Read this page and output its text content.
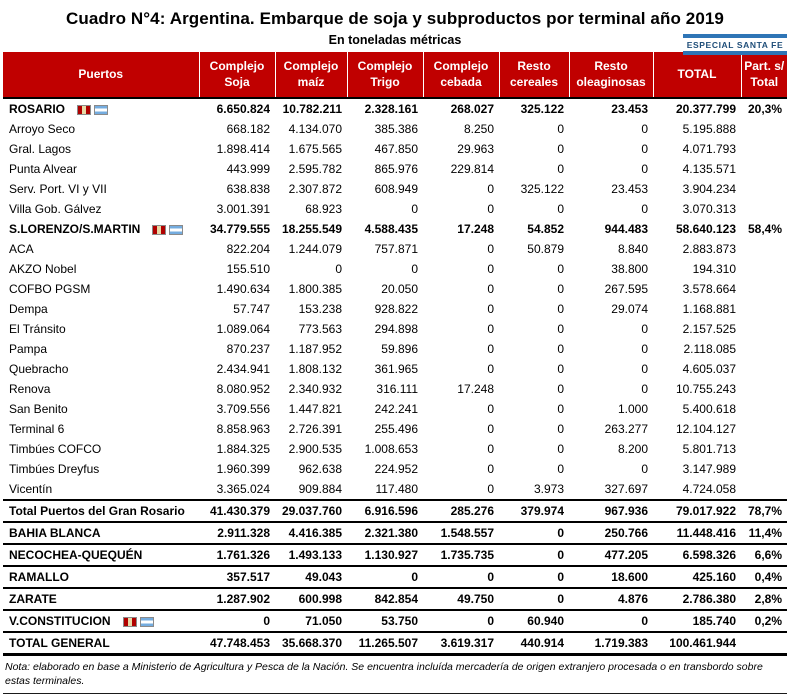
Cuadro N°4: Argentina. Embarque de soja y subproductos por terminal año 2019
ESPECIAL SANTA FE
En toneladas métricas
Puertos	Complejo Soja	Complejo maíz	Complejo Trigo	Complejo cebada	Resto cereales	Resto oleaginosas	TOTAL	Part. s/ Total
ROSARIO	6.650.824	10.782.211	2.328.161	268.027	325.122	23.453	20.377.799	20,3%
Arroyo Seco	668.182	4.134.070	385.386	8.250	0	0	5.195.888	
Gral. Lagos	1.898.414	1.675.565	467.850	29.963	0	0	4.071.793	
Punta Alvear	443.999	2.595.782	865.976	229.814	0	0	4.135.571	
Serv. Port. VI y VII	638.838	2.307.872	608.949	0	325.122	23.453	3.904.234	
Villa Gob. Gálvez	3.001.391	68.923	0	0	0	0	3.070.313	
S.LORENZO/S.MARTIN	34.779.555	18.255.549	4.588.435	17.248	54.852	944.483	58.640.123	58,4%
ACA	822.204	1.244.079	757.871	0	50.879	8.840	2.883.873	
AKZO Nobel	155.510	0	0	0	0	38.800	194.310	
COFBO PGSM	1.490.634	1.800.385	20.050	0	0	267.595	3.578.664	
Dempa	57.747	153.238	928.822	0	0	29.074	1.168.881	
El Tránsito	1.089.064	773.563	294.898	0	0	0	2.157.525	
Pampa	870.237	1.187.952	59.896	0	0	0	2.118.085	
Quebracho	2.434.941	1.808.132	361.965	0	0	0	4.605.037	
Renova	8.080.952	2.340.932	316.111	17.248	0	0	10.755.243	
San Benito	3.709.556	1.447.821	242.241	0	0	1.000	5.400.618	
Terminal 6	8.858.963	2.726.391	255.496	0	0	263.277	12.104.127	
Timbúes COFCO	1.884.325	2.900.535	1.008.653	0	0	8.200	5.801.713	
Timbúes Dreyfus	1.960.399	962.638	224.952	0	0	0	3.147.989	
Vicentín	3.365.024	909.884	117.480	0	3.973	327.697	4.724.058	
Total Puertos del Gran Rosario	41.430.379	29.037.760	6.916.596	285.276	379.974	967.936	79.017.922	78,7%
BAHIA BLANCA	2.911.328	4.416.385	2.321.380	1.548.557	0	250.766	11.448.416	11,4%
NECOCHEA-QUEQUÉN	1.761.326	1.493.133	1.130.927	1.735.735	0	477.205	6.598.326	6,6%
RAMALLO	357.517	49.043	0	0	0	18.600	425.160	0,4%
ZARATE	1.287.902	600.998	842.854	49.750	0	4.876	2.786.380	2,8%
V.CONSTITUCION	0	71.050	53.750	0	60.940	0	185.740	0,2%
TOTAL GENERAL	47.748.453	35.668.370	11.265.507	3.619.317	440.914	1.719.383	100.461.944	
Nota: elaborado en base a Ministerio de Agricultura y Pesca de la Nación. Se encuentra incluída mercadería de origen extranjero procesada o en transbordo sobre estas terminales.
